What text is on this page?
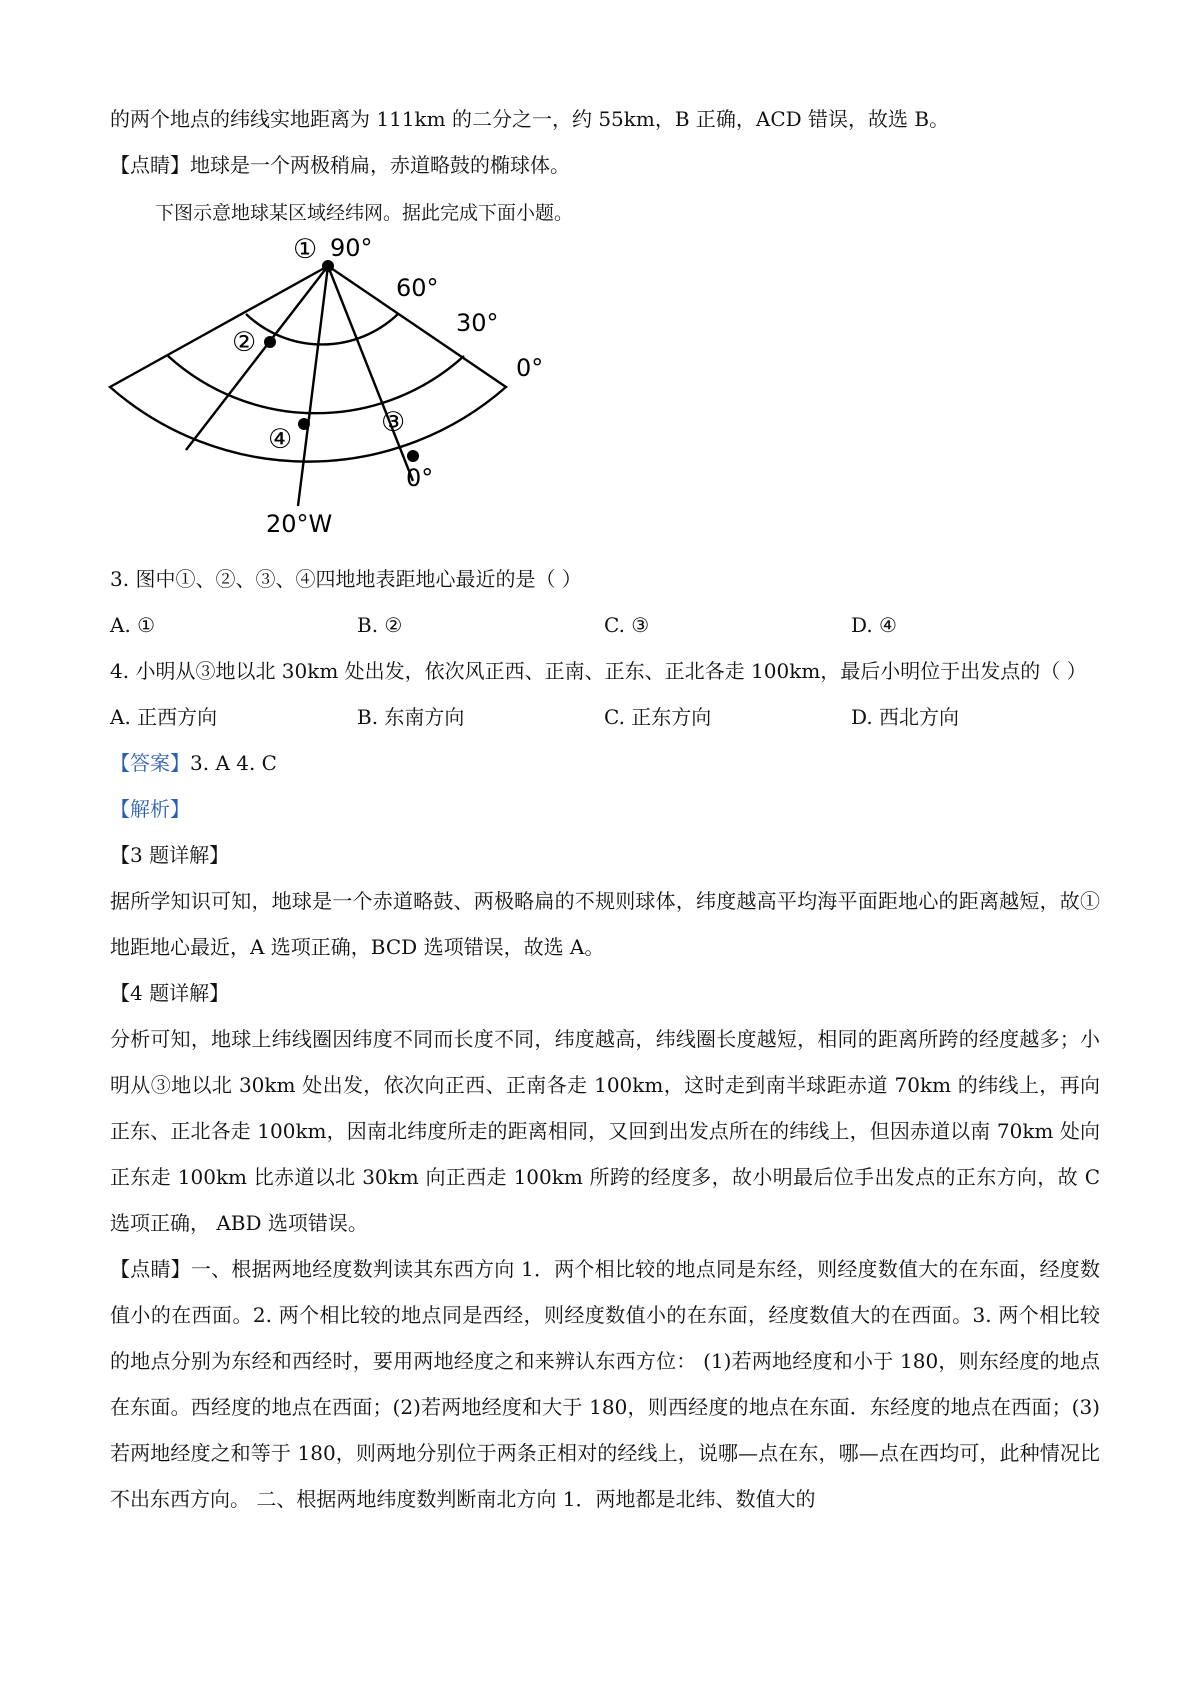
的两个地点的纬线实地距离为 111km 的二分之一，约 55km，B 正确，ACD 错误，故选 B。

【点睛】地球是一个两极稍扁，赤道略鼓的椭球体。

下图示意地球某区域经纬网。据此完成下面小题。

① 90°
60°
30°
0°
②
④
③
0°
20°W

3. 图中①、②、③、④四地地表距地心最近的是（ ）

A. ①	B. ②	C. ③	D. ④

4. 小明从③地以北 30km 处出发，依次风正西、正南、正东、正北各走 100km，最后小明位于出发点的（ ）

A. 正西方向	B. 东南方向	C. 正东方向	D. 西北方向

【答案】3. A 4. C

【解析】

【3 题详解】

据所学知识可知，地球是一个赤道略鼓、两极略扁的不规则球体，纬度越高平均海平面距地心的距离越短，故①地距地心最近，A 选项正确，BCD 选项错误，故选 A。

【4 题详解】

分析可知，地球上纬线圈因纬度不同而长度不同，纬度越高，纬线圈长度越短，相同的距离所跨的经度越多；小明从③地以北 30km 处出发，依次向正西、正南各走 100km，这时走到南半球距赤道 70km 的纬线上，再向正东、正北各走 100km，因南北纬度所走的距离相同，又回到出发点所在的纬线上，但因赤道以南 70km 处向正东走 100km 比赤道以北 30km 向正西走 100km 所跨的经度多，故小明最后位手出发点的正东方向，故 C 选项正确， ABD 选项错误。

【点睛】一、根据两地经度数判读其东西方向 1．两个相比较的地点同是东经，则经度数值大的在东面，经度数值小的在西面。2. 两个相比较的地点同是西经，则经度数值小的在东面，经度数值大的在西面。3. 两个相比较的地点分别为东经和西经时，要用两地经度之和来辨认东西方位： (1)若两地经度和小于 180，则东经度的地点在东面。西经度的地点在西面；(2)若两地经度和大于 180，则西经度的地点在东面．东经度的地点在西面；(3)若两地经度之和等于 180，则两地分别位于两条正相对的经线上，说哪—点在东，哪—点在西均可，此种情况比不出东西方向。 二、根据两地纬度数判断南北方向 1．两地都是北纬、数值大的
